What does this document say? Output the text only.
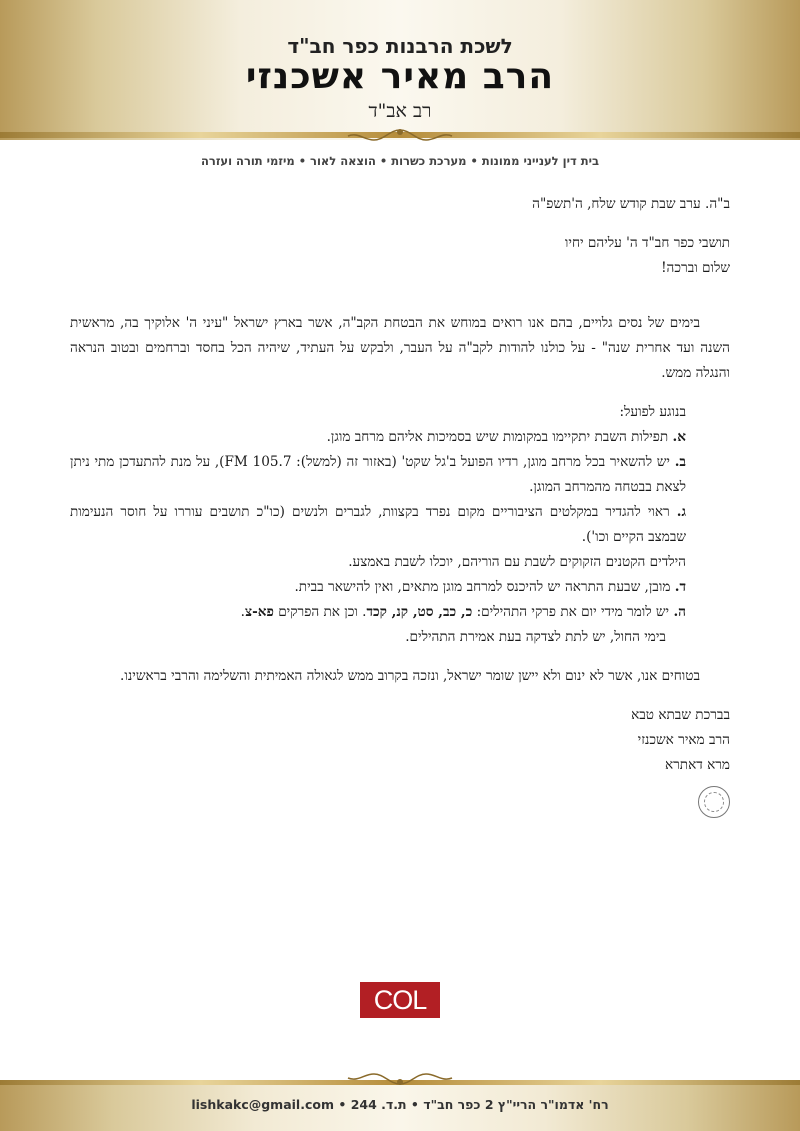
לשכת הרבנות כפר חב"ד
הרב מאיר אשכנזי
רב אב"ד
בית דין לענייני ממונות • מערכת כשרות • הוצאה לאור • מיזמי תורה ועזרה

ב"ה. ערב שבת קודש שלח, ה'תשפ"ה

תושבי כפר חב"ד ה' עליהם יחיו

שלום וברכה!

בימים של נסים גלויים, בהם אנו רואים במוחש את הבטחת הקב"ה, אשר בארץ ישראל "עיני ה' אלוקיך בה, מראשית השנה ועד אחרית שנה" - על כולנו להודות לקב"ה על העבר, ולבקש על העתיד, שיהיה הכל בחסד וברחמים ובטוב הנראה והנגלה ממש.

בנוגע לפועל:

א. תפילות השבת יתקיימו במקומות שיש בסמיכות אליהם מרחב מוגן.

ב. יש להשאיר בכל מרחב מוגן, רדיו הפועל ב'גל שקט' (באזור זה (למשל): FM 105.7), על מנת להתעדכן מתי ניתן לצאת בבטחה מהמרחב המוגן.

ג. ראוי להגדיר במקלטים הציבוריים מקום נפרד בקצוות, לגברים ולנשים (כו"כ תושבים עוררו על חוסר הנעימות שבמצב הקיים וכו').

הילדים הקטנים הזקוקים לשבת עם הוריהם, יוכלו לשבת באמצע.

ד. מובן, שבעת התראה יש להיכנס למרחב מוגן מתאים, ואין להישאר בבית.

ה. יש לומר מידי יום את פרקי התהילים: כ, כב, סט, קנ, קכד. וכן את הפרקים פא-צ.

בימי החול, יש לתת לצדקה בעת אמירת התהילים.

בטוחים אנו, אשר לא ינום ולא יישן שומר ישראל, ונזכה בקרוב ממש לגאולה האמיתית והשלימה והרבי בראשינו.

בברכת שבתא טבא

הרב מאיר אשכנזי

מרא דאתרא

COL
רח' אדמו"ר הריי"ץ 2 כפר חב"ד • ת.ד. 244 • lishkakc@gmail.com
